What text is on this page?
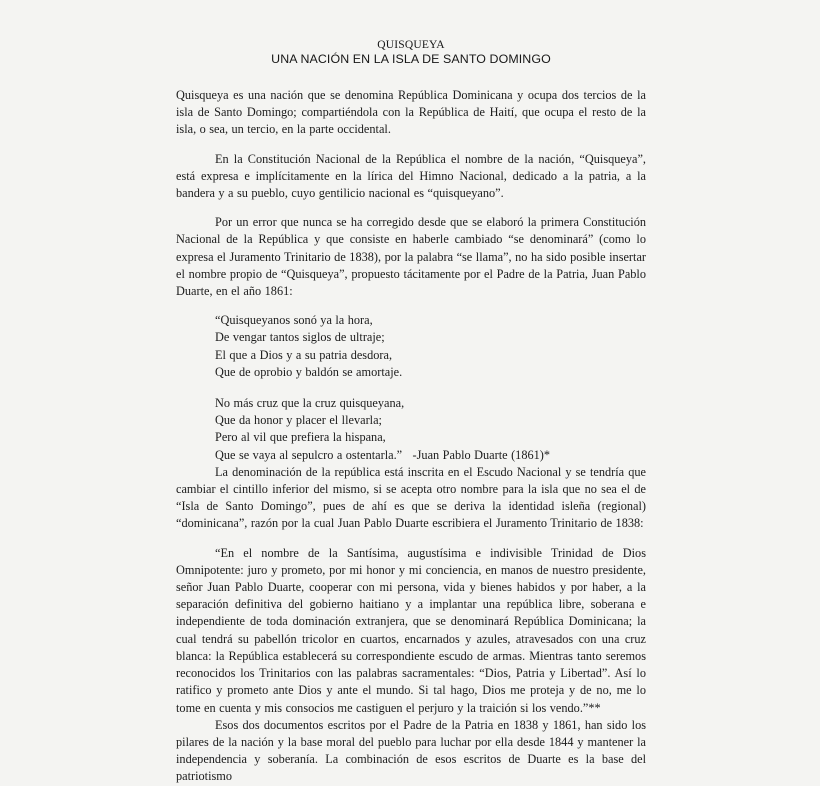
QUISQUEYA
UNA NACIÓN EN LA ISLA DE SANTO DOMINGO

Quisqueya es una nación que se denomina República Dominicana y ocupa dos tercios de la isla de Santo Domingo; compartiéndola con la República de Haití, que ocupa el resto de la isla, o sea, un tercio, en la parte occidental.

En la Constitución Nacional de la República el nombre de la nación, “Quisqueya”, está expresa e implícitamente en la lírica del Himno Nacional, dedicado a la patria, a la bandera y a su pueblo, cuyo gentilicio nacional es “quisqueyano”.

Por un error que nunca se ha corregido desde que se elaboró la primera Constitución Nacional de la República y que consiste en haberle cambiado “se denominará” (como lo expresa el Juramento Trinitario de 1838), por la palabra “se llama”, no ha sido posible insertar el nombre propio de “Quisqueya”, propuesto tácitamente por el Padre de la Patria, Juan Pablo Duarte, en el año 1861:

“Quisqueyanos sonó ya la hora,
De vengar tantos siglos de ultraje;
El que a Dios y a su patria desdora,
Que de oprobio y baldón se amortaje.
No más cruz que la cruz quisqueyana,
Que da honor y placer el llevarla;
Pero al vil que prefiera la hispana,
Que se vaya al sepulcro a ostentarla.”   -Juan Pablo Duarte (1861)*

La denominación de la república está inscrita en el Escudo Nacional y se tendría que cambiar el cintillo inferior del mismo, si se acepta otro nombre para la isla que no sea el de “Isla de Santo Domingo”, pues de ahí es que se deriva la identidad isleña (regional) “dominicana”, razón por la cual Juan Pablo Duarte escribiera el Juramento Trinitario de 1838:

“En el nombre de la Santísima, augustísima e indivisible Trinidad de Dios Omnipotente: juro y prometo, por mi honor y mi conciencia, en manos de nuestro presidente, señor Juan Pablo Duarte, cooperar con mi persona, vida y bienes habidos y por haber, a la separación definitiva del gobierno haitiano y a implantar una república libre, soberana e independiente de toda dominación extranjera, que se denominará República Dominicana; la cual tendrá su pabellón tricolor en cuartos, encarnados y azules, atravesados con una cruz blanca: la República establecerá su correspondiente escudo de armas. Mientras tanto seremos reconocidos los Trinitarios con las palabras sacramentales: “Dios, Patria y Libertad”. Así lo ratifico y prometo ante Dios y ante el mundo. Si tal hago, Dios me proteja y de no, me lo tome en cuenta y mis consocios me castiguen el perjuro y la traición si los vendo.”**

Esos dos documentos escritos por el Padre de la Patria en 1838 y 1861, han sido los pilares de la nación y la base moral del pueblo para luchar por ella desde 1844 y mantener la independencia y soberanía. La combinación de esos escritos de Duarte es la base del patriotismo
